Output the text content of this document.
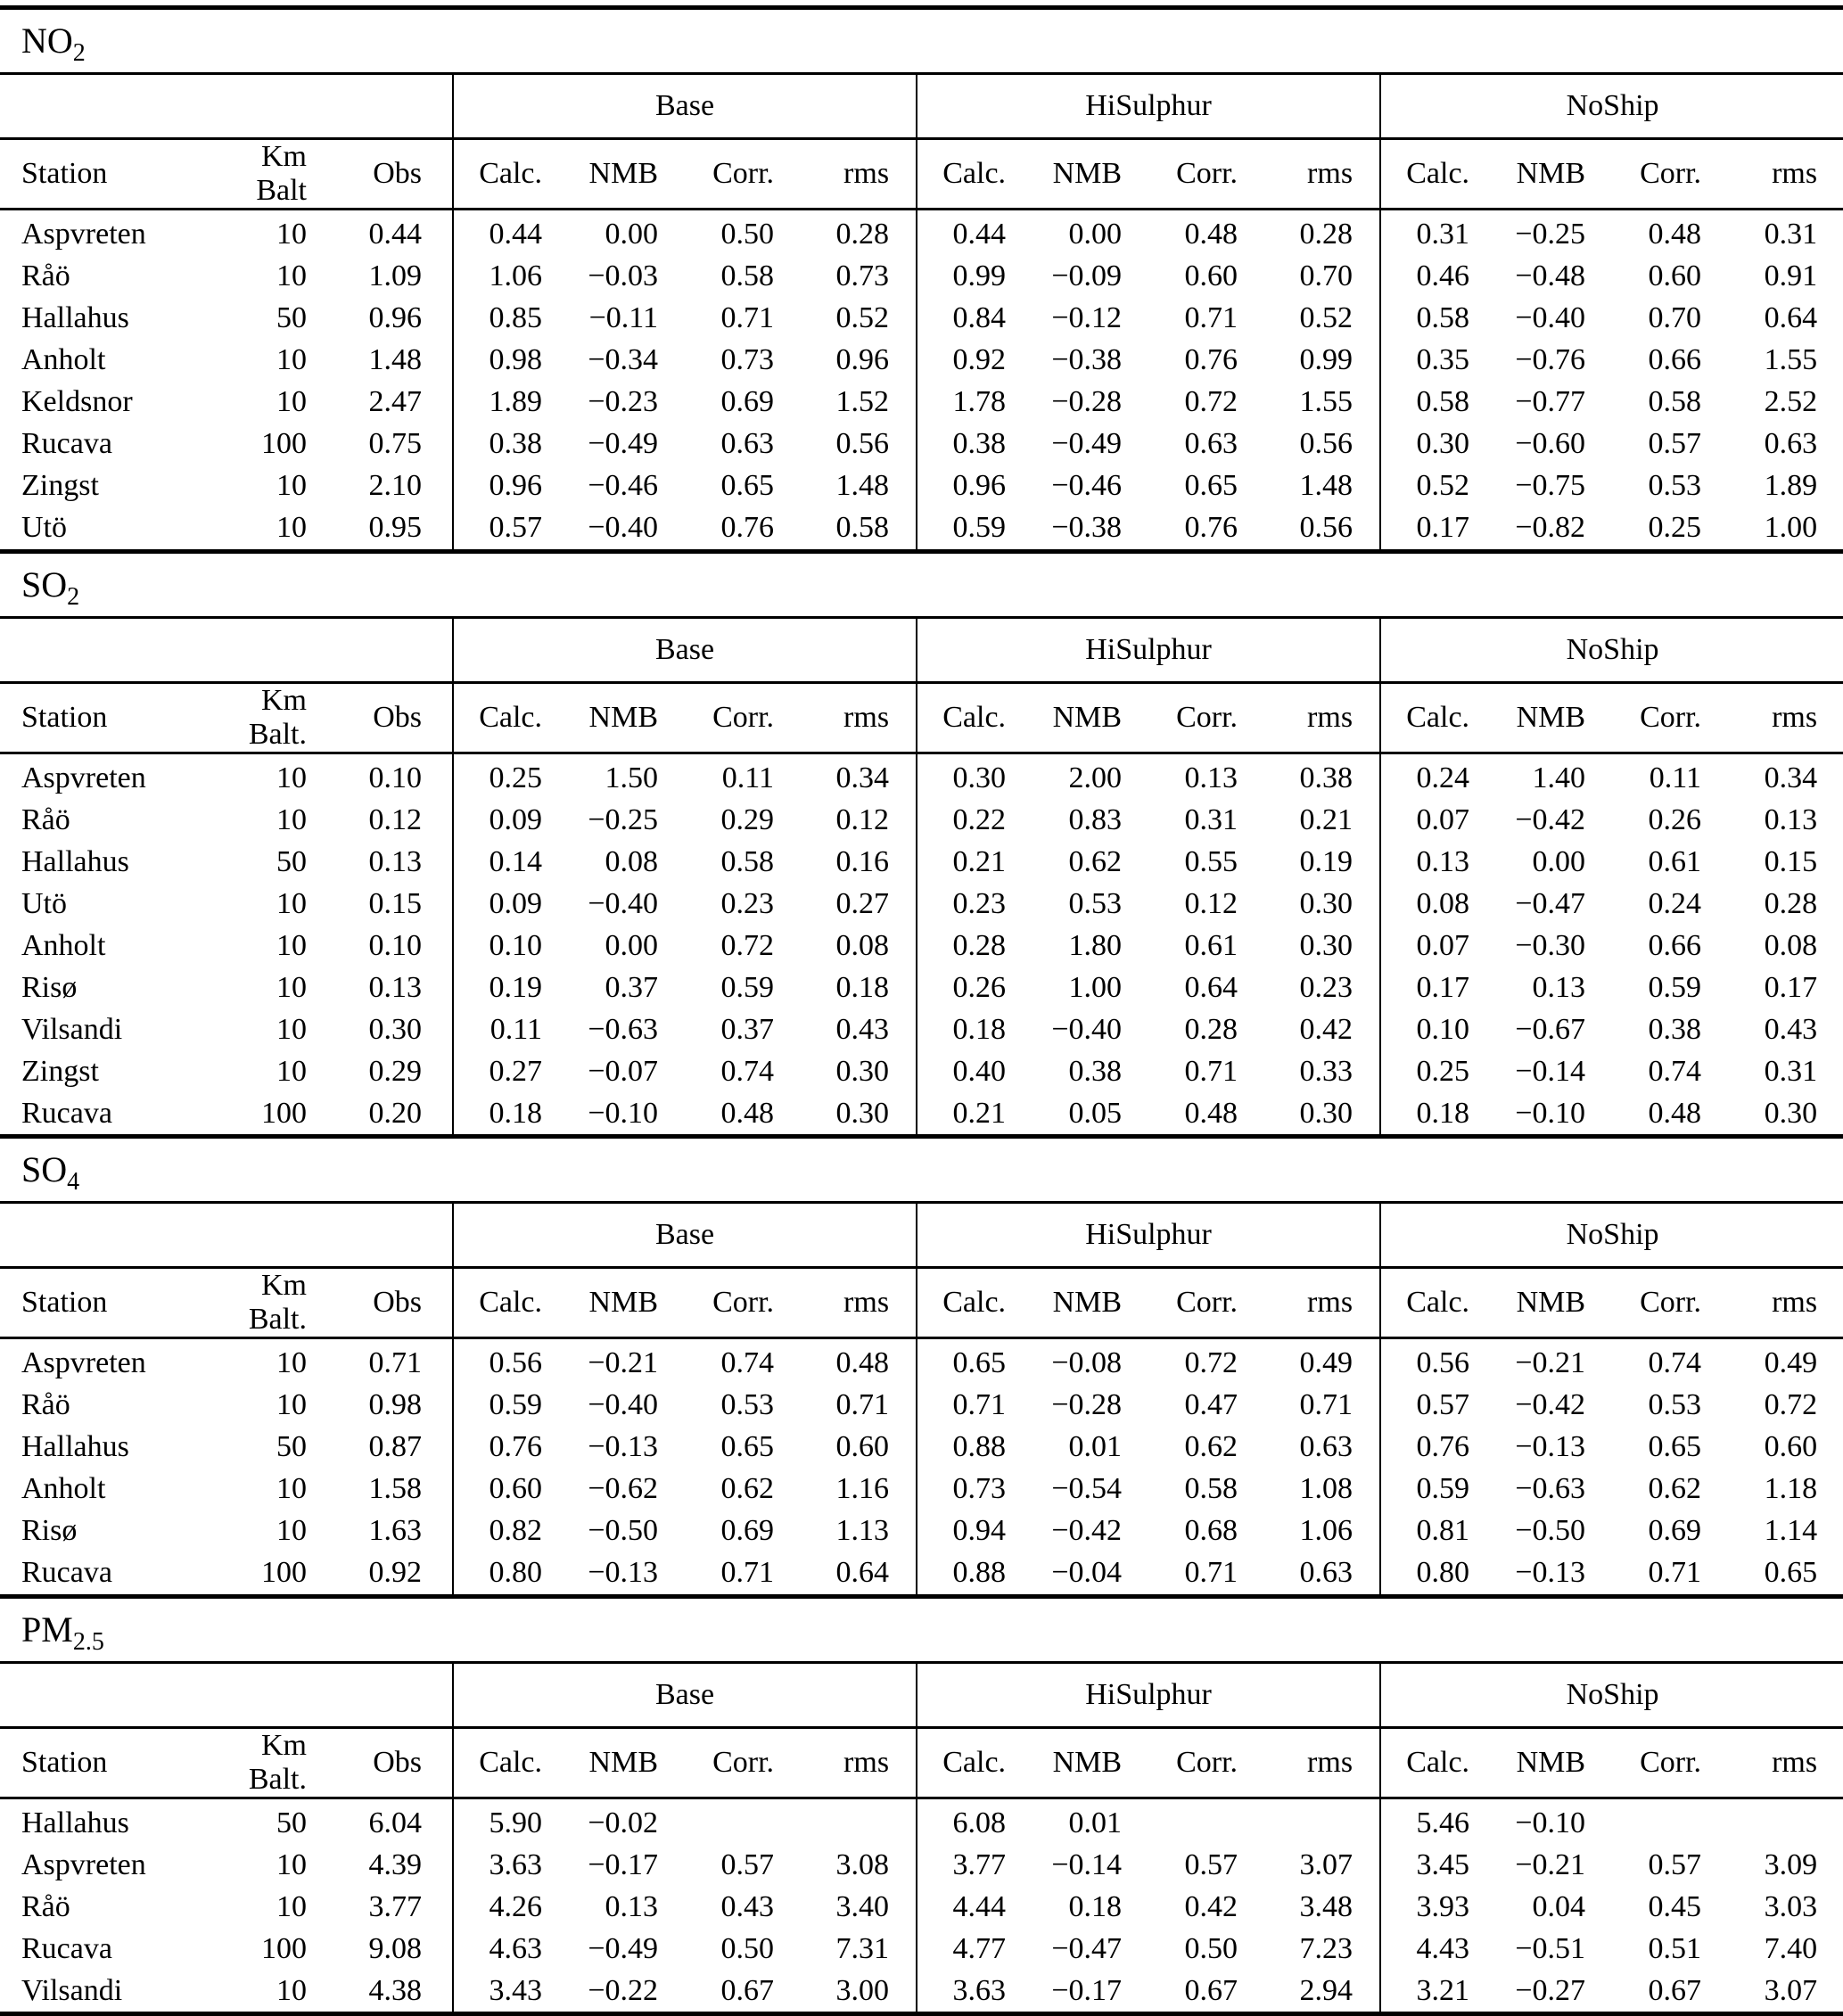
$NO_2$
			Base				HiSulphur				NoShip			
Station	Km Balt	Obs	Calc.	NMB	Corr.	rms	Calc.	NMB	Corr.	rms	Calc.	NMB	Corr.	rms
Aspvreten	10	0.44	0.44	0.00	0.50	0.28	0.44	0.00	0.48	0.28	0.31	−0.25	0.48	0.31
Råö	10	1.09	1.06	−0.03	0.58	0.73	0.99	−0.09	0.60	0.70	0.46	−0.48	0.60	0.91
Hallahus	50	0.96	0.85	−0.11	0.71	0.52	0.84	−0.12	0.71	0.52	0.58	−0.40	0.70	0.64
Anholt	10	1.48	0.98	−0.34	0.73	0.96	0.92	−0.38	0.76	0.99	0.35	−0.76	0.66	1.55
Keldsnor	10	2.47	1.89	−0.23	0.69	1.52	1.78	−0.28	0.72	1.55	0.58	−0.77	0.58	2.52
Rucava	100	0.75	0.38	−0.49	0.63	0.56	0.38	−0.49	0.63	0.56	0.30	−0.60	0.57	0.63
Zingst	10	2.10	0.96	−0.46	0.65	1.48	0.96	−0.46	0.65	1.48	0.52	−0.75	0.53	1.89
Utö	10	0.95	0.57	−0.40	0.76	0.58	0.59	−0.38	0.76	0.56	0.17	−0.82	0.25	1.00
$SO_2$
			Base				HiSulphur				NoShip			
Station	Km Balt.	Obs	Calc.	NMB	Corr.	rms	Calc.	NMB	Corr.	rms	Calc.	NMB	Corr.	rms
Aspvreten	10	0.10	0.25	1.50	0.11	0.34	0.30	2.00	0.13	0.38	0.24	1.40	0.11	0.34
Råö	10	0.12	0.09	−0.25	0.29	0.12	0.22	0.83	0.31	0.21	0.07	−0.42	0.26	0.13
Hallahus	50	0.13	0.14	0.08	0.58	0.16	0.21	0.62	0.55	0.19	0.13	0.00	0.61	0.15
Utö	10	0.15	0.09	−0.40	0.23	0.27	0.23	0.53	0.12	0.30	0.08	−0.47	0.24	0.28
Anholt	10	0.10	0.10	0.00	0.72	0.08	0.28	1.80	0.61	0.30	0.07	−0.30	0.66	0.08
Risø	10	0.13	0.19	0.37	0.59	0.18	0.26	1.00	0.64	0.23	0.17	0.13	0.59	0.17
Vilsandi	10	0.30	0.11	−0.63	0.37	0.43	0.18	−0.40	0.28	0.42	0.10	−0.67	0.38	0.43
Zingst	10	0.29	0.27	−0.07	0.74	0.30	0.40	0.38	0.71	0.33	0.25	−0.14	0.74	0.31
Rucava	100	0.20	0.18	−0.10	0.48	0.30	0.21	0.05	0.48	0.30	0.18	−0.10	0.48	0.30
$SO_4$
			Base				HiSulphur				NoShip			
Station	Km Balt.	Obs	Calc.	NMB	Corr.	rms	Calc.	NMB	Corr.	rms	Calc.	NMB	Corr.	rms
Aspvreten	10	0.71	0.56	−0.21	0.74	0.48	0.65	−0.08	0.72	0.49	0.56	−0.21	0.74	0.49
Råö	10	0.98	0.59	−0.40	0.53	0.71	0.71	−0.28	0.47	0.71	0.57	−0.42	0.53	0.72
Hallahus	50	0.87	0.76	−0.13	0.65	0.60	0.88	0.01	0.62	0.63	0.76	−0.13	0.65	0.60
Anholt	10	1.58	0.60	−0.62	0.62	1.16	0.73	−0.54	0.58	1.08	0.59	−0.63	0.62	1.18
Risø	10	1.63	0.82	−0.50	0.69	1.13	0.94	−0.42	0.68	1.06	0.81	−0.50	0.69	1.14
Rucava	100	0.92	0.80	−0.13	0.71	0.64	0.88	−0.04	0.71	0.63	0.80	−0.13	0.71	0.65
$PM_{2.5}$
			Base				HiSulphur				NoShip			
Station	Km Balt.	Obs	Calc.	NMB	Corr.	rms	Calc.	NMB	Corr.	rms	Calc.	NMB	Corr.	rms
Hallahus	50	6.04	5.90	−0.02			6.08	0.01			5.46	−0.10		
Aspvreten	10	4.39	3.63	−0.17	0.57	3.08	3.77	−0.14	0.57	3.07	3.45	−0.21	0.57	3.09
Råö	10	3.77	4.26	0.13	0.43	3.40	4.44	0.18	0.42	3.48	3.93	0.04	0.45	3.03
Rucava	100	9.08	4.63	−0.49	0.50	7.31	4.77	−0.47	0.50	7.23	4.43	−0.51	0.51	7.40
Vilsandi	10	4.38	3.43	−0.22	0.67	3.00	3.63	−0.17	0.67	2.94	3.21	−0.27	0.67	3.07
